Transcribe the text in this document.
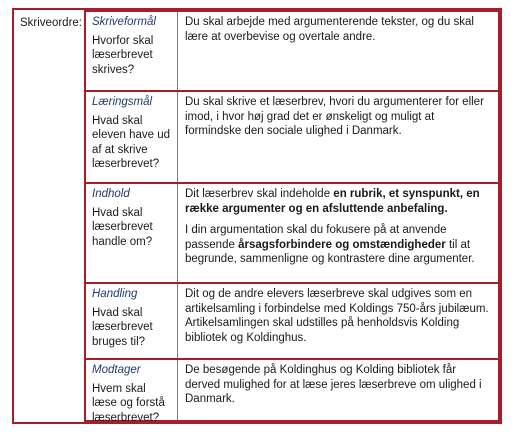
Skriveordre: Skriveformål
Hvorfor skal læserbrevet skrives?
Du skal arbejde med argumenterende tekster, og du skal lære at overbevise og overtale andre.
Læringsmål
Hvad skal eleven have ud af at skrive læserbrevet?
Du skal skrive et læserbrev, hvori du argumenterer for eller imod, i hvor høj grad det er ønskeligt og muligt at formindske den sociale ulighed i Danmark.
Indhold
Hvad skal læserbrevet handle om?
Dit læserbrev skal indeholde en rubrik, et synspunkt, en række argumenter og en afsluttende anbefaling.
I din argumentation skal du fokusere på at anvende passende årsagsforbindere og omstændigheder til at begrunde, sammenligne og kontrastere dine argumenter.
Handling
Hvad skal læserbrevet bruges til?
Dit og de andre elevers læserbreve skal udgives som en artikelsamling i forbindelse med Koldings 750-års jubilæum. Artikelsamlingen skal udstilles på henholdsvis Kolding bibliotek og Koldinghus.
Modtager
Hvem skal læse og forstå læserbrevet?
De besøgende på Koldinghus og Kolding bibliotek får derved mulighed for at læse jeres læserbreve om ulighed i Danmark.
